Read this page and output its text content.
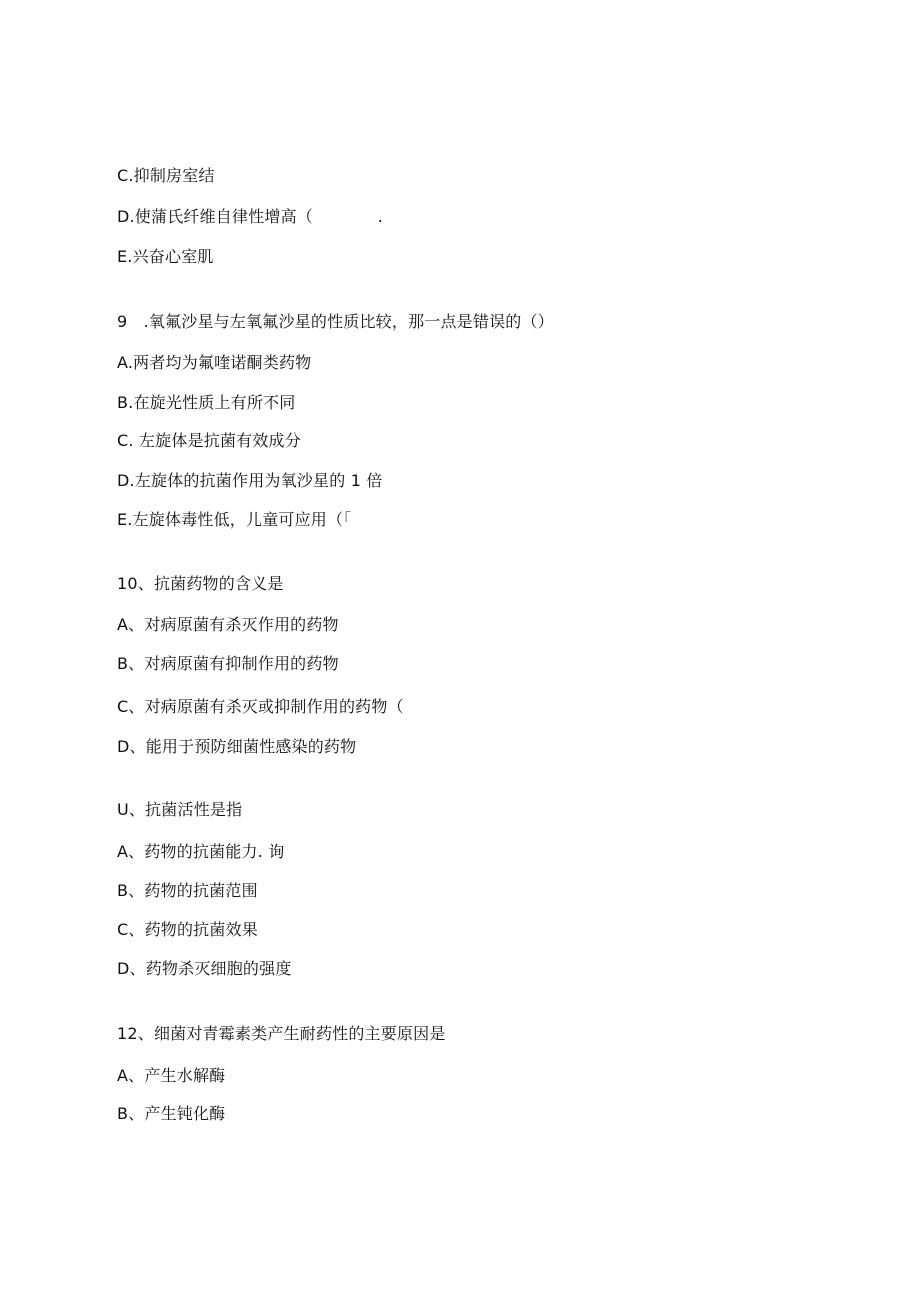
C.抑制房室结
D.使蒲氏纤维自律性增高（　　　　.
E.兴奋心室肌
9　.氧氟沙星与左氧氟沙星的性质比较，那一点是错误的（）
A.两者均为氟喹诺酮类药物
B.在旋光性质上有所不同
C. 左旋体是抗菌有效成分
D.左旋体的抗菌作用为氧沙星的 1 倍
E.左旋体毒性低，儿童可应用（「
10、抗菌药物的含义是
A、对病原菌有杀灭作用的药物
B、对病原菌有抑制作用的药物
C、对病原菌有杀灭或抑制作用的药物（
D、能用于预防细菌性感染的药物
U、抗菌活性是指
A、药物的抗菌能力. 询
B、药物的抗菌范围
C、药物的抗菌效果
D、药物杀灭细胞的强度
12、细菌对青霉素类产生耐药性的主要原因是
A、产生水解酶
B、产生钝化酶
